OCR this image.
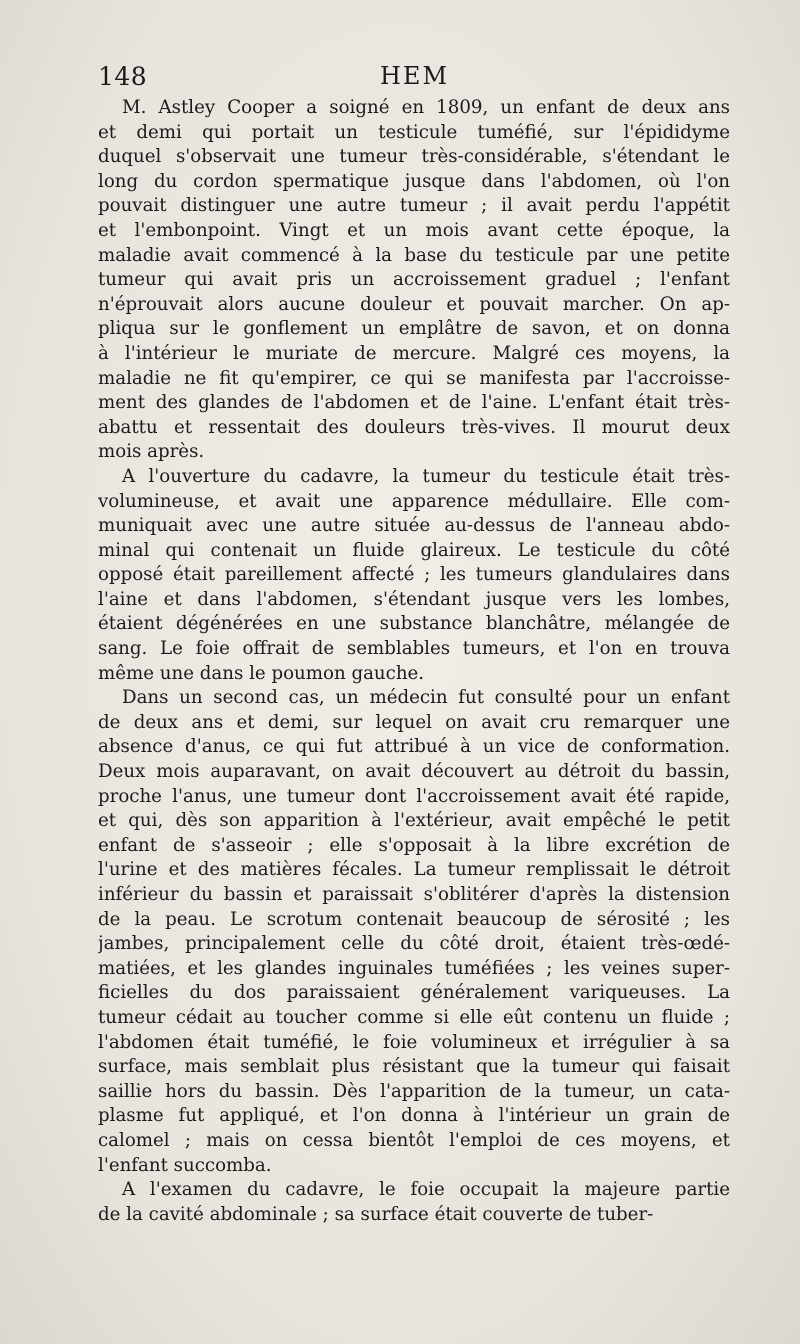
148	HEM
M. Astley Cooper a soigné en 1809, un enfant de deux ans
et demi qui portait un testicule tuméfié, sur l'épididyme
duquel s'observait une tumeur très-considérable, s'étendant le
long du cordon spermatique jusque dans l'abdomen, où l'on
pouvait distinguer une autre tumeur ; il avait perdu l'appétit
et l'embonpoint. Vingt et un mois avant cette époque, la
maladie avait commencé à la base du testicule par une petite
tumeur qui avait pris un accroissement graduel ; l'enfant
n'éprouvait alors aucune douleur et pouvait marcher. On ap-
pliqua sur le gonflement un emplâtre de savon, et on donna
à l'intérieur le muriate de mercure. Malgré ces moyens, la
maladie ne fit qu'empirer, ce qui se manifesta par l'accroisse-
ment des glandes de l'abdomen et de l'aine. L'enfant était très-
abattu et ressentait des douleurs très-vives. Il mourut deux
mois après.
A l'ouverture du cadavre, la tumeur du testicule était très-
volumineuse, et avait une apparence médullaire. Elle com-
muniquait avec une autre située au-dessus de l'anneau abdo-
minal qui contenait un fluide glaireux. Le testicule du côté
opposé était pareillement affecté ; les tumeurs glandulaires dans
l'aine et dans l'abdomen, s'étendant jusque vers les lombes,
étaient dégénérées en une substance blanchâtre, mélangée de
sang. Le foie offrait de semblables tumeurs, et l'on en trouva
même une dans le poumon gauche.
Dans un second cas, un médecin fut consulté pour un enfant
de deux ans et demi, sur lequel on avait cru remarquer une
absence d'anus, ce qui fut attribué à un vice de conformation.
Deux mois auparavant, on avait découvert au détroit du bassin,
proche l'anus, une tumeur dont l'accroissement avait été rapide,
et qui, dès son apparition à l'extérieur, avait empêché le petit
enfant de s'asseoir ; elle s'opposait à la libre excrétion de
l'urine et des matières fécales. La tumeur remplissait le détroit
inférieur du bassin et paraissait s'oblitérer d'après la distension
de la peau. Le scrotum contenait beaucoup de sérosité ; les
jambes, principalement celle du côté droit, étaient très-œdé-
matiées, et les glandes inguinales tuméfiées ; les veines super-
ficielles du dos paraissaient généralement variqueuses. La
tumeur cédait au toucher comme si elle eût contenu un fluide ;
l'abdomen était tuméfié, le foie volumineux et irrégulier à sa
surface, mais semblait plus résistant que la tumeur qui faisait
saillie hors du bassin. Dès l'apparition de la tumeur, un cata-
plasme fut appliqué, et l'on donna à l'intérieur un grain de
calomel ; mais on cessa bientôt l'emploi de ces moyens, et
l'enfant succomba.
A l'examen du cadavre, le foie occupait la majeure partie
de la cavité abdominale ; sa surface était couverte de tuber-
